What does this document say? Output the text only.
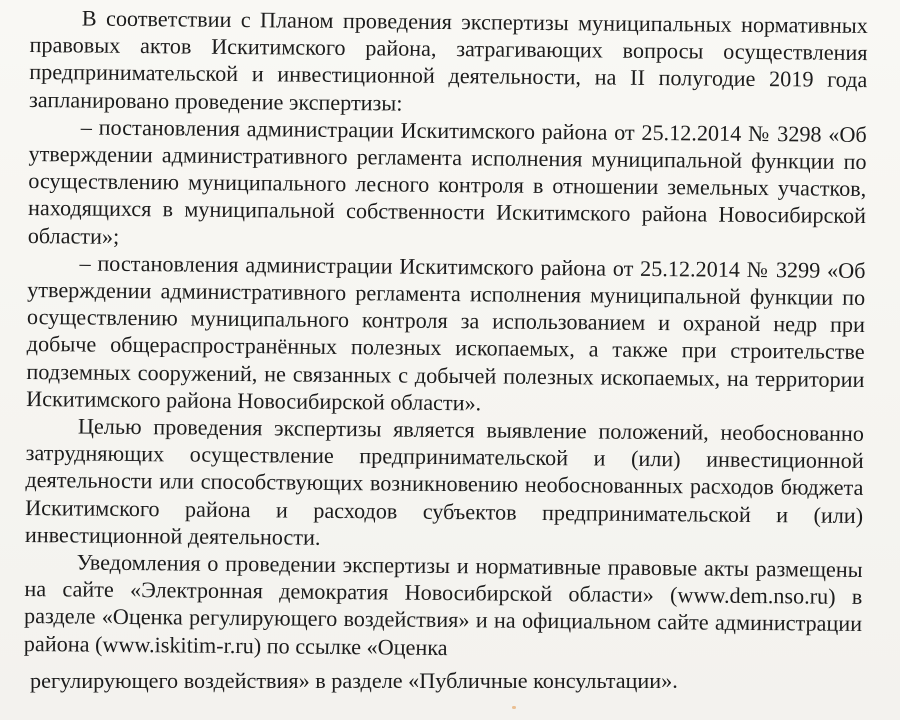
В соответствии с Планом проведения экспертизы муниципальных нормативных правовых актов Искитимского района, затрагивающих вопросы осуществления предпринимательской и инвестиционной деятельности, на II полугодие 2019 года запланировано проведение экспертизы:

– постановления администрации Искитимского района от 25.12.2014 № 3298 «Об утверждении административного регламента исполнения муниципальной функции по осуществлению муниципального лесного контроля в отношении земельных участков, находящихся в муниципальной собственности Искитимского района Новосибирской области»;

– постановления администрации Искитимского района от 25.12.2014 № 3299 «Об утверждении административного регламента исполнения муниципальной функции по осуществлению муниципального контроля за использованием и охраной недр при добыче общераспространённых полезных ископаемых, а также при строительстве подземных сооружений, не связанных с добычей полезных ископаемых, на территории Искитимского района Новосибирской области».

Целью проведения экспертизы является выявление положений, необоснованно затрудняющих осуществление предпринимательской и (или) инвестиционной деятельности или способствующих возникновению необоснованных расходов бюджета Искитимского района и расходов субъектов предпринимательской и (или) инвестиционной деятельности.

Уведомления о проведении экспертизы и нормативные правовые акты размещены на сайте «Электронная демократия Новосибирской области» (www.dem.nso.ru) в разделе «Оценка регулирующего воздействия» и на официальном сайте администрации района (www.iskitim-r.ru) по ссылке «Оценка

регулирующего воздействия» в разделе «Публичные консультации».
